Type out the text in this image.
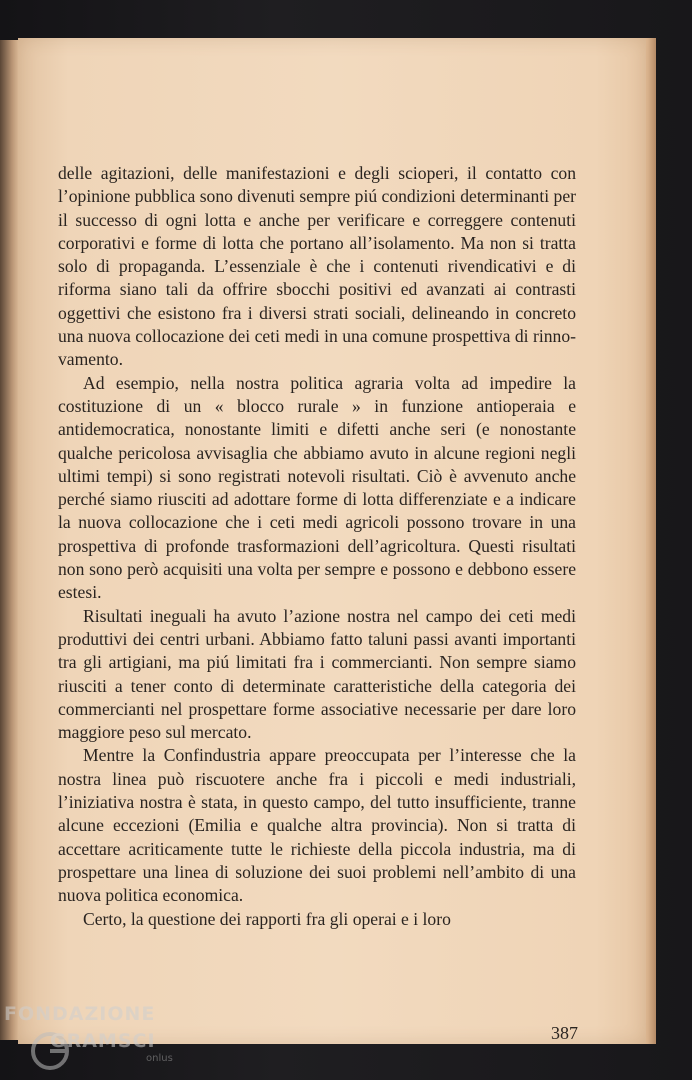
delle agitazioni, delle manifestazioni e degli scioperi, il contatto con l’opinione pubblica sono divenuti sempre piú condizioni determinanti per il successo di ogni lotta e anche per verificare e correggere contenuti corporativi e forme di lotta che portano all’isolamento. Ma non si tratta solo di propaganda. L’essenziale è che i contenuti rivendicativi e di riforma siano tali da offrire sbocchi positivi ed avanzati ai contrasti oggettivi che esistono fra i diversi strati sociali, delineando in concreto una nuova collocazione dei ceti medi in una comune prospettiva di rinnovamento.

Ad esempio, nella nostra politica agraria volta ad impedire la costituzione di un « blocco rurale » in funzione antioperaia e antidemocratica, nonostante limiti e difetti anche seri (e nonostante qualche pericolosa avvisaglia che abbiamo avuto in alcune regioni negli ultimi tempi) si sono registrati notevoli risultati. Ciò è avvenuto anche perché siamo riusciti ad adottare forme di lotta differenziate e a indicare la nuova collocazione che i ceti medi agricoli possono trovare in una prospettiva di profonde trasformazioni dell’agricoltura. Questi risultati non sono però acquisiti una volta per sempre e possono e debbono essere estesi.

Risultati ineguali ha avuto l’azione nostra nel campo dei ceti medi produttivi dei centri urbani. Abbiamo fatto taluni passi avanti importanti tra gli artigiani, ma piú limitati fra i commercianti. Non sempre siamo riusciti a tener conto di determinate caratteristiche della categoria dei commercianti nel prospettare forme associative necessarie per dare loro maggiore peso sul mercato.

Mentre la Confindustria appare preoccupata per l’interesse che la nostra linea può riscuotere anche fra i piccoli e medi industriali, l’iniziativa nostra è stata, in questo campo, del tutto insufficiente, tranne alcune eccezioni (Emilia e qualche altra provincia). Non si tratta di accettare acriticamente tutte le richieste della piccola industria, ma di prospettare una linea di soluzione dei suoi problemi nell’ambito di una nuova politica economica.

Certo, la questione dei rapporti fra gli operai e i loro

387
FONDAZIONE
GRAMSCI
onlus
